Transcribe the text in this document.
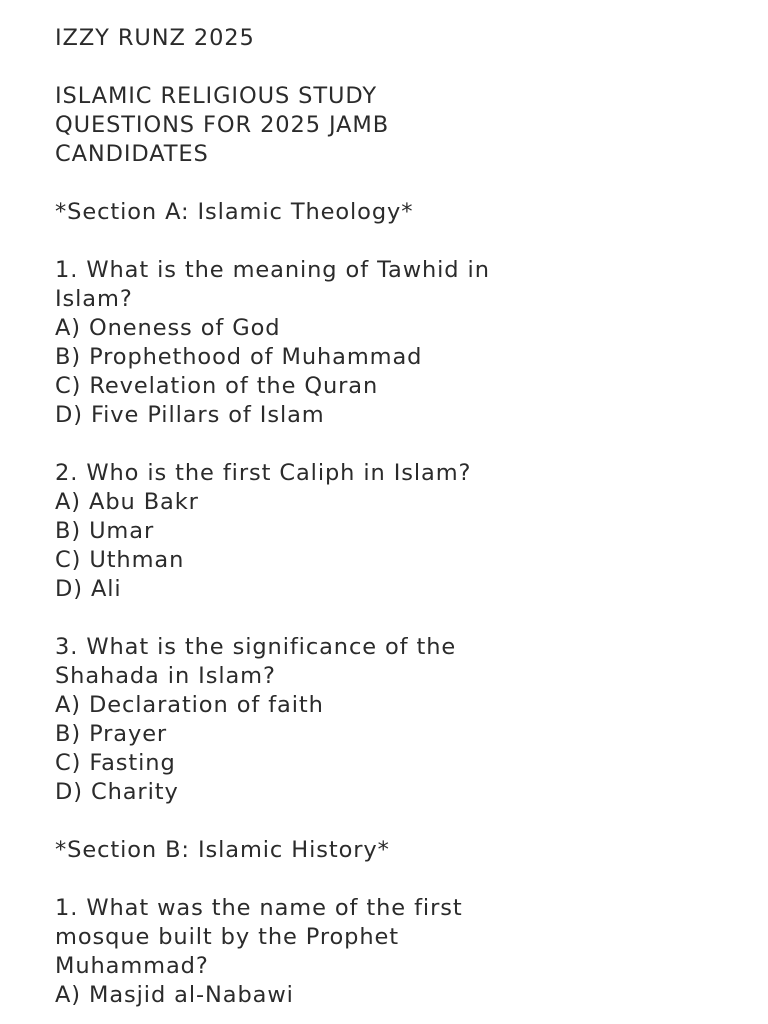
IZZY RUNZ 2025
ISLAMIC RELIGIOUS STUDY
QUESTIONS FOR 2025 JAMB
CANDIDATES
*Section A: Islamic Theology*
1. What is the meaning of Tawhid in
Islam?
A) Oneness of God
B) Prophethood of Muhammad
C) Revelation of the Quran
D) Five Pillars of Islam
2. Who is the first Caliph in Islam?
A) Abu Bakr
B) Umar
C) Uthman
D) Ali
3. What is the significance of the
Shahada in Islam?
A) Declaration of faith
B) Prayer
C) Fasting
D) Charity
*Section B: Islamic History*
1. What was the name of the first
mosque built by the Prophet
Muhammad?
A) Masjid al-Nabawi
